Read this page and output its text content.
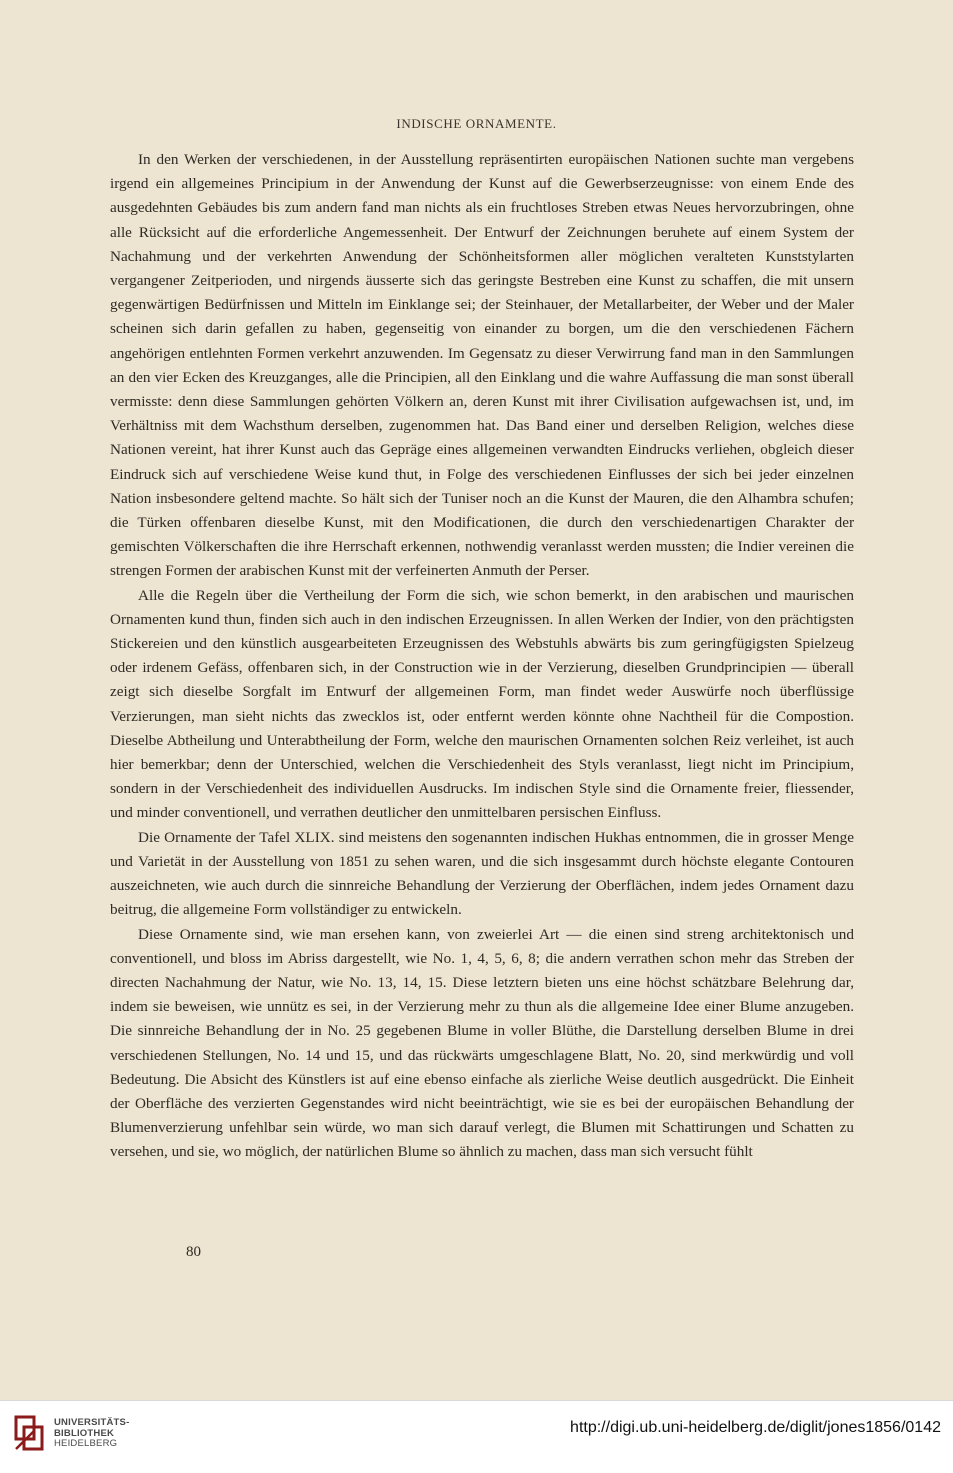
INDISCHE ORNAMENTE.

In den Werken der verschiedenen, in der Ausstellung repräsentirten europäischen Nationen suchte man vergebens irgend ein allgemeines Principium in der Anwendung der Kunst auf die Gewerbserzeugnisse: von einem Ende des ausgedehnten Gebäudes bis zum andern fand man nichts als ein fruchtloses Streben etwas Neues hervorzubringen, ohne alle Rücksicht auf die erforderliche Angemessenheit. Der Entwurf der Zeichnungen beruhete auf einem System der Nachahmung und der verkehrten Anwendung der Schönheitsformen aller möglichen veralteten Kunststylarten vergangener Zeitperioden, und nirgends äusserte sich das geringste Bestreben eine Kunst zu schaffen, die mit unsern gegenwärtigen Bedürfnissen und Mitteln im Einklange sei; der Steinhauer, der Metallarbeiter, der Weber und der Maler scheinen sich darin gefallen zu haben, gegenseitig von einander zu borgen, um die den verschiedenen Fächern angehörigen entlehnten Formen verkehrt anzuwenden. Im Gegensatz zu dieser Verwirrung fand man in den Sammlungen an den vier Ecken des Kreuzganges, alle die Principien, all den Einklang und die wahre Auffassung die man sonst überall vermisste: denn diese Sammlungen gehörten Völkern an, deren Kunst mit ihrer Civilisation aufgewachsen ist, und, im Verhältniss mit dem Wachsthum derselben, zugenommen hat. Das Band einer und derselben Religion, welches diese Nationen vereint, hat ihrer Kunst auch das Gepräge eines allgemeinen verwandten Eindrucks verliehen, obgleich dieser Eindruck sich auf verschiedene Weise kund thut, in Folge des verschiedenen Einflusses der sich bei jeder einzelnen Nation insbesondere geltend machte. So hält sich der Tuniser noch an die Kunst der Mauren, die den Alhambra schufen; die Türken offenbaren dieselbe Kunst, mit den Modificationen, die durch den verschiedenartigen Charakter der gemischten Völkerschaften die ihre Herrschaft erkennen, nothwendig veranlasst werden mussten; die Indier vereinen die strengen Formen der arabischen Kunst mit der verfeinerten Anmuth der Perser.

Alle die Regeln über die Vertheilung der Form die sich, wie schon bemerkt, in den arabischen und maurischen Ornamenten kund thun, finden sich auch in den indischen Erzeugnissen. In allen Werken der Indier, von den prächtigsten Stickereien und den künstlich ausgearbeiteten Erzeugnissen des Webstuhls abwärts bis zum geringfügigsten Spielzeug oder irdenem Gefäss, offenbaren sich, in der Construction wie in der Verzierung, dieselben Grundprincipien — überall zeigt sich dieselbe Sorgfalt im Entwurf der allgemeinen Form, man findet weder Auswürfe noch überflüssige Verzierungen, man sieht nichts das zwecklos ist, oder entfernt werden könnte ohne Nachtheil für die Compostion. Dieselbe Abtheilung und Unterabtheilung der Form, welche den maurischen Ornamenten solchen Reiz verleihet, ist auch hier bemerkbar; denn der Unterschied, welchen die Verschiedenheit des Styls veranlasst, liegt nicht im Principium, sondern in der Verschiedenheit des individuellen Ausdrucks. Im indischen Style sind die Ornamente freier, fliessender, und minder conventionell, und verrathen deutlicher den unmittelbaren persischen Einfluss.

Die Ornamente der Tafel XLIX. sind meistens den sogenannten indischen Hukhas entnommen, die in grosser Menge und Varietät in der Ausstellung von 1851 zu sehen waren, und die sich insgesammt durch höchste elegante Contouren auszeichneten, wie auch durch die sinnreiche Behandlung der Verzierung der Oberflächen, indem jedes Ornament dazu beitrug, die allgemeine Form vollständiger zu entwickeln.

Diese Ornamente sind, wie man ersehen kann, von zweierlei Art — die einen sind streng architektonisch und conventionell, und bloss im Abriss dargestellt, wie No. 1, 4, 5, 6, 8; die andern verrathen schon mehr das Streben der directen Nachahmung der Natur, wie No. 13, 14, 15. Diese letztern bieten uns eine höchst schätzbare Belehrung dar, indem sie beweisen, wie unnütz es sei, in der Verzierung mehr zu thun als die allgemeine Idee einer Blume anzugeben. Die sinnreiche Behandlung der in No. 25 gegebenen Blume in voller Blüthe, die Darstellung derselben Blume in drei verschiedenen Stellungen, No. 14 und 15, und das rückwärts umgeschlagene Blatt, No. 20, sind merkwürdig und voll Bedeutung. Die Absicht des Künstlers ist auf eine ebenso einfache als zierliche Weise deutlich ausgedrückt. Die Einheit der Oberfläche des verzierten Gegenstandes wird nicht beeinträchtigt, wie sie es bei der europäischen Behandlung der Blumenverzierung unfehlbar sein würde, wo man sich darauf verlegt, die Blumen mit Schattirungen und Schatten zu versehen, und sie, wo möglich, der natürlichen Blume so ähnlich zu machen, dass man sich versucht fühlt

80
UNIVERSITÄTS-
BIBLIOTHEK
HEIDELBERG
http://digi.ub.uni-heidelberg.de/diglit/jones1856/0142
